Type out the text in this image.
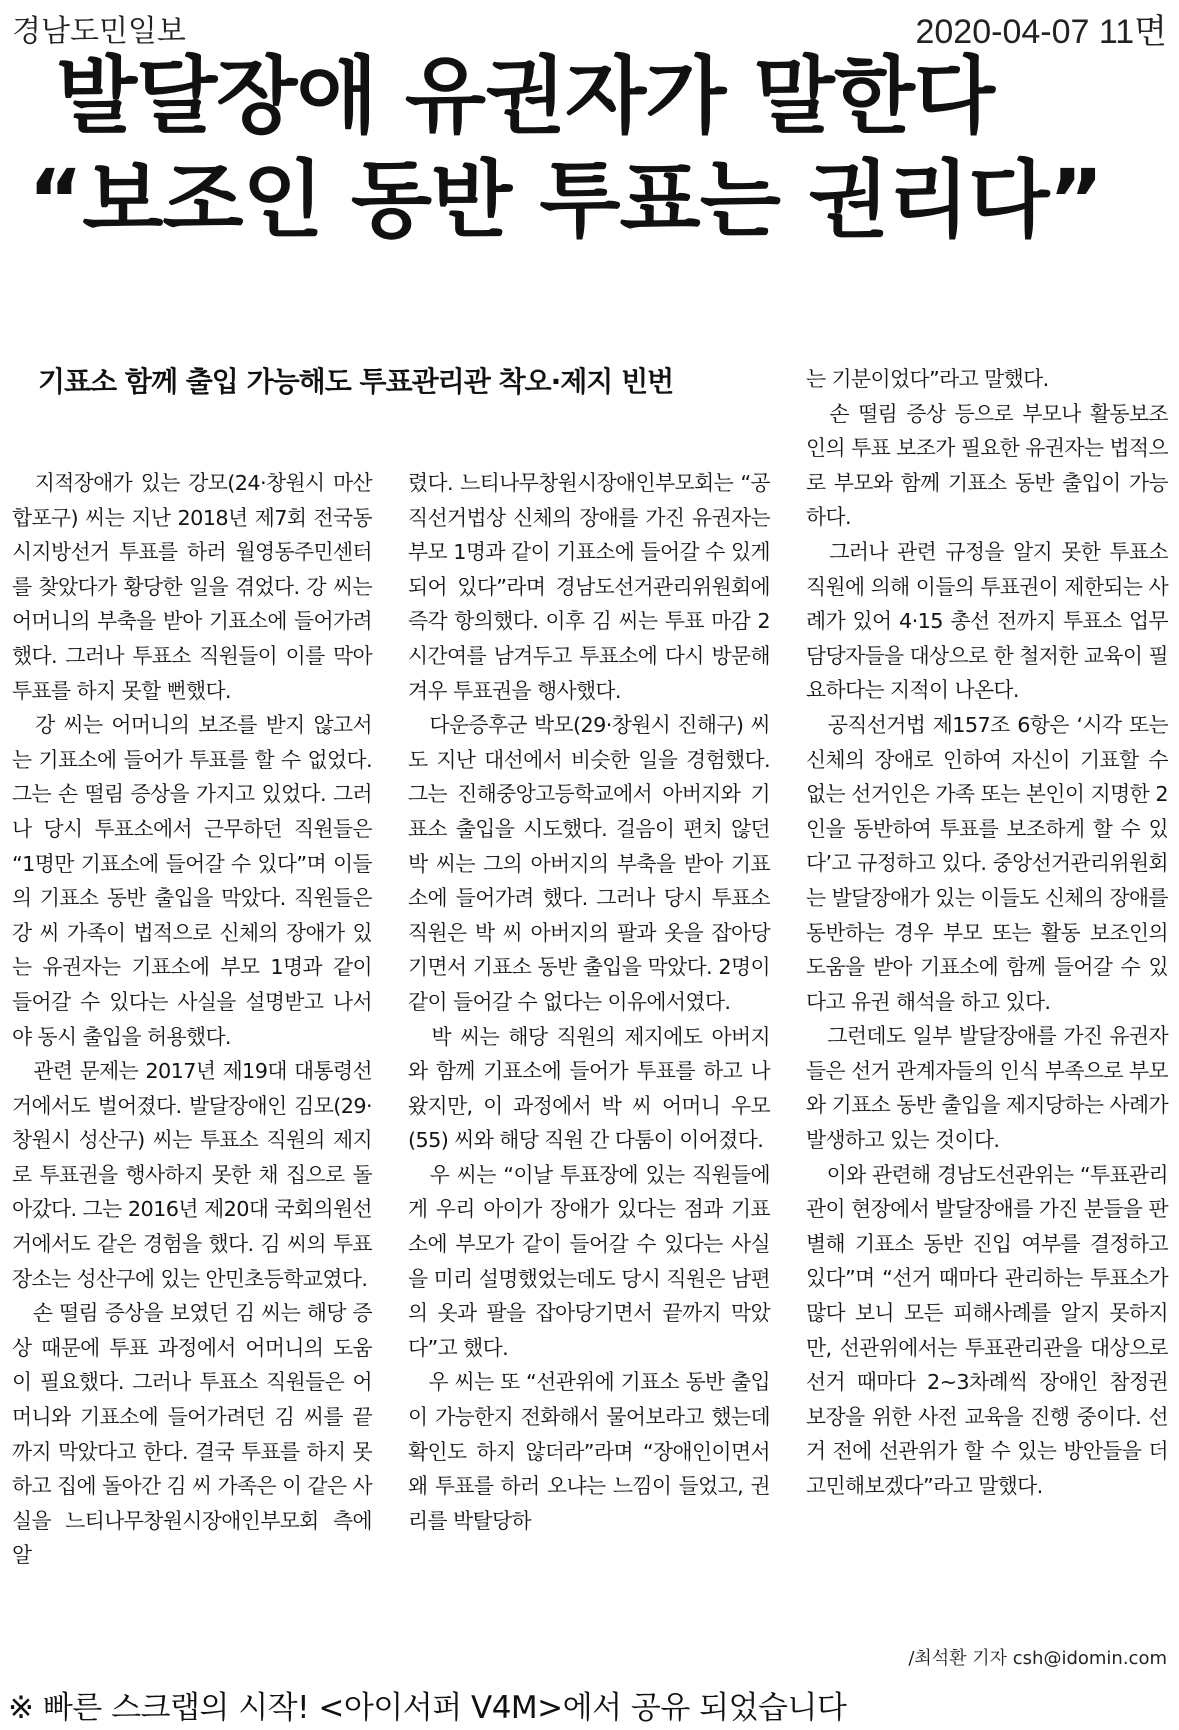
경남도민일보	2020-04-07 11면
발달장애 유권자가 말한다
“보조인 동반 투표는 권리다”
기표소 함께 출입 가능해도 투표관리관 착오·제지 빈번

　지적장애가 있는 강모(24·창원시 마산합포구) 씨는 지난 2018년 제7회 전국동시지방선거 투표를 하러 월영동주민센터를 찾았다가 황당한 일을 겪었다. 강 씨는 어머니의 부축을 받아 기표소에 들어가려 했다. 그러나 투표소 직원들이 이를 막아 투표를 하지 못할 뻔했다.

　강 씨는 어머니의 보조를 받지 않고서는 기표소에 들어가 투표를 할 수 없었다. 그는 손 떨림 증상을 가지고 있었다. 그러나 당시 투표소에서 근무하던 직원들은 “1명만 기표소에 들어갈 수 있다”며 이들의 기표소 동반 출입을 막았다. 직원들은 강 씨 가족이 법적으로 신체의 장애가 있는 유권자는 기표소에 부모 1명과 같이 들어갈 수 있다는 사실을 설명받고 나서야 동시 출입을 허용했다.

　관련 문제는 2017년 제19대 대통령선거에서도 벌어졌다. 발달장애인 김모(29·창원시 성산구) 씨는 투표소 직원의 제지로 투표권을 행사하지 못한 채 집으로 돌아갔다. 그는 2016년 제20대 국회의원선거에서도 같은 경험을 했다. 김 씨의 투표 장소는 성산구에 있는 안민초등학교였다.

　손 떨림 증상을 보였던 김 씨는 해당 증상 때문에 투표 과정에서 어머니의 도움이 필요했다. 그러나 투표소 직원들은 어머니와 기표소에 들어가려던 김 씨를 끝까지 막았다고 한다. 결국 투표를 하지 못하고 집에 돌아간 김 씨 가족은 이 같은 사실을 느티나무창원시장애인부모회 측에 알

렸다. 느티나무창원시장애인부모회는 “공직선거법상 신체의 장애를 가진 유권자는 부모 1명과 같이 기표소에 들어갈 수 있게 되어 있다”라며 경남도선거관리위원회에 즉각 항의했다. 이후 김 씨는 투표 마감 2시간여를 남겨두고 투표소에 다시 방문해 겨우 투표권을 행사했다.

　다운증후군 박모(29·창원시 진해구) 씨도 지난 대선에서 비슷한 일을 경험했다. 그는 진해중앙고등학교에서 아버지와 기표소 출입을 시도했다. 걸음이 편치 않던 박 씨는 그의 아버지의 부축을 받아 기표소에 들어가려 했다. 그러나 당시 투표소 직원은 박 씨 아버지의 팔과 옷을 잡아당기면서 기표소 동반 출입을 막았다. 2명이 같이 들어갈 수 없다는 이유에서였다.

　박 씨는 해당 직원의 제지에도 아버지와 함께 기표소에 들어가 투표를 하고 나왔지만, 이 과정에서 박 씨 어머니 우모(55) 씨와 해당 직원 간 다툼이 이어졌다.

　우 씨는 “이날 투표장에 있는 직원들에게 우리 아이가 장애가 있다는 점과 기표소에 부모가 같이 들어갈 수 있다는 사실을 미리 설명했었는데도 당시 직원은 남편의 옷과 팔을 잡아당기면서 끝까지 막았다”고 했다.

　우 씨는 또 “선관위에 기표소 동반 출입이 가능한지 전화해서 물어보라고 했는데 확인도 하지 않더라”라며 “장애인이면서 왜 투표를 하러 오냐는 느낌이 들었고, 권리를 박탈당하

는 기분이었다”라고 말했다.

　손 떨림 증상 등으로 부모나 활동보조인의 투표 보조가 필요한 유권자는 법적으로 부모와 함께 기표소 동반 출입이 가능하다.

　그러나 관련 규정을 알지 못한 투표소 직원에 의해 이들의 투표권이 제한되는 사례가 있어 4·15 총선 전까지 투표소 업무 담당자들을 대상으로 한 철저한 교육이 필요하다는 지적이 나온다.

　공직선거법 제157조 6항은 ‘시각 또는 신체의 장애로 인하여 자신이 기표할 수 없는 선거인은 가족 또는 본인이 지명한 2인을 동반하여 투표를 보조하게 할 수 있다’고 규정하고 있다. 중앙선거관리위원회는 발달장애가 있는 이들도 신체의 장애를 동반하는 경우 부모 또는 활동 보조인의 도움을 받아 기표소에 함께 들어갈 수 있다고 유권 해석을 하고 있다.

　그런데도 일부 발달장애를 가진 유권자들은 선거 관계자들의 인식 부족으로 부모와 기표소 동반 출입을 제지당하는 사례가 발생하고 있는 것이다.

　이와 관련해 경남도선관위는 “투표관리관이 현장에서 발달장애를 가진 분들을 판별해 기표소 동반 진입 여부를 결정하고 있다”며 “선거 때마다 관리하는 투표소가 많다 보니 모든 피해사례를 알지 못하지만, 선관위에서는 투표관리관을 대상으로 선거 때마다 2~3차례씩 장애인 참정권 보장을 위한 사전 교육을 진행 중이다. 선거 전에 선관위가 할 수 있는 방안들을 더 고민해보겠다”라고 말했다.

/최석환 기자 csh@idomin.com
※ 빠른 스크랩의 시작! <아이서퍼 V4M>에서 공유 되었습니다
